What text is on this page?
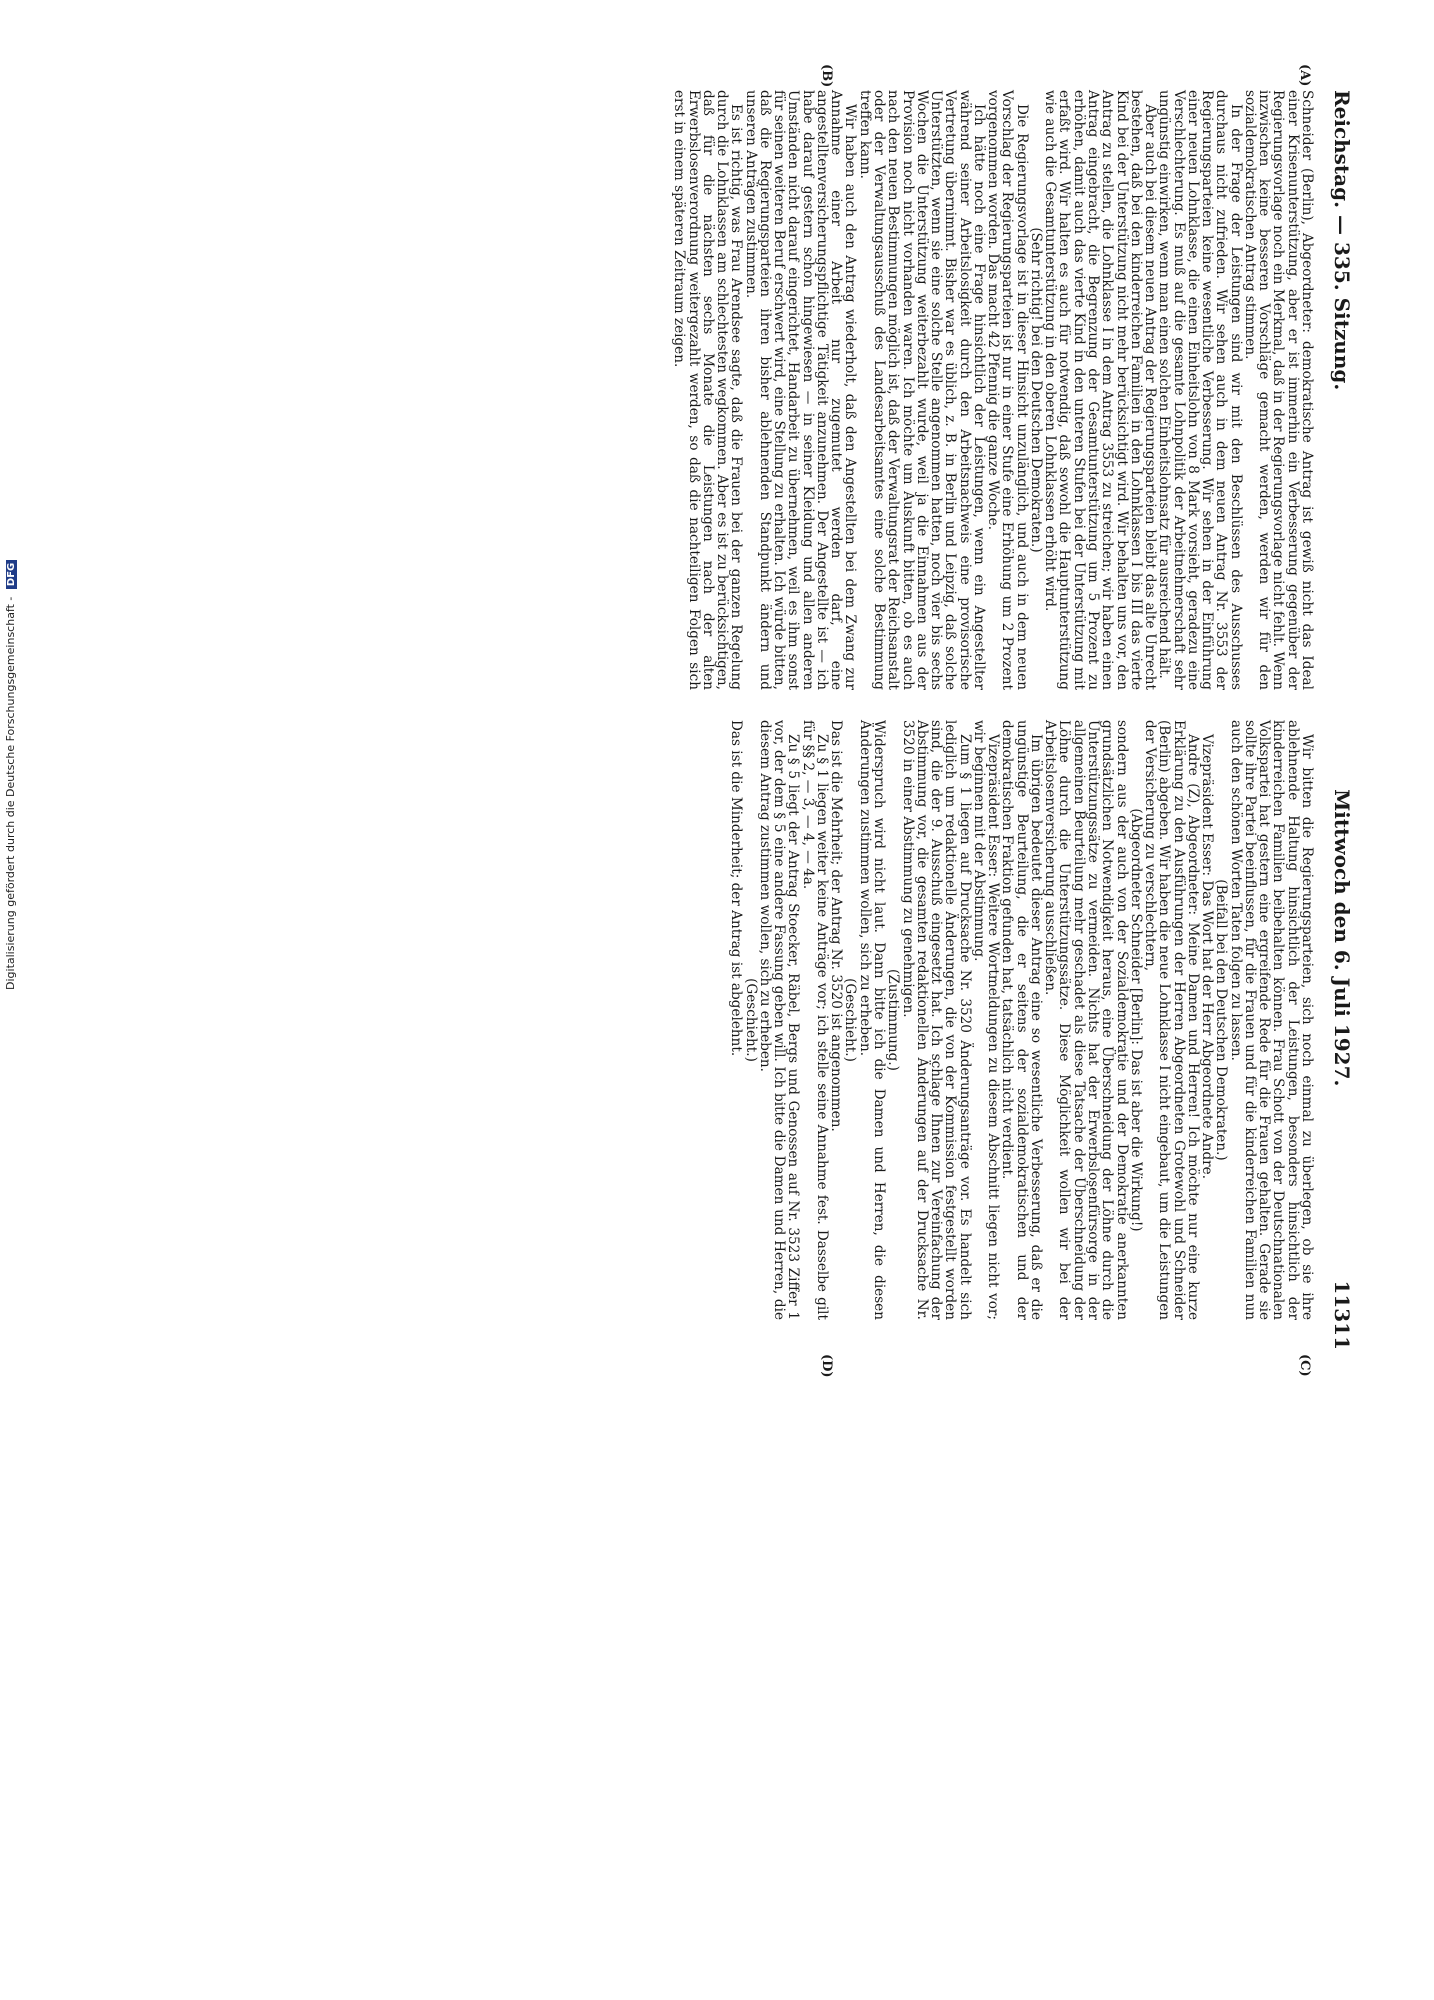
Reichstag. — 335. Sitzung.
Mittwoch den 6. Juli 1927.  11311
(A)
(B)
(C)
(D)

Schneider (Berlin), Abgeordneter: demokratische Antrag ist gewiß nicht das Ideal einer Krisenunterstützung, aber er ist immerhin ein Verbesserung gegenüber der Regierungsvorlage noch ein Merkmal, daß in der Regierungsvorlage nicht fehlt. Wenn inzwischen keine besseren Vorschläge gemacht werden, werden wir für den sozialdemokratischen Antrag stimmen.

In der Frage der Leistungen sind wir mit den Beschlüssen des Ausschusses durchaus nicht zufrieden. Wir sehen auch in dem neuen Antrag Nr. 3553 der Regierungsparteien keine wesentliche Verbesserung. Wir sehen in der Einführung einer neuen Lohnklasse, die einen Einheitslohn von 8 Mark vorsieht, geradezu eine Verschlechterung. Es muß auf die gesamte Lohnpolitik der Arbeitnehmerschaft sehr ungünstig einwirken, wenn man einen solchen Einheitslohnsatz für ausreichend hält.

Aber auch bei diesem neuen Antrag der Regierungsparteien bleibt das alte Unrecht bestehen, daß bei den kinderreichen Familien in den Lohnklassen I bis III das vierte Kind bei der Unterstützung nicht mehr berücksichtigt wird. Wir behalten uns vor, den Antrag zu stellen, die Lohnklasse I in dem Antrag 3553 zu streichen; wir haben einen Antrag eingebracht, die Begrenzung der Gesamtunterstützung um 5 Prozent zu erhöhen, damit auch das vierte Kind in den unteren Stufen bei der Unterstützung mit erfaßt wird. Wir halten es auch für notwendig, daß sowohl die Hauptunterstützung wie auch die Gesamtunterstützung in den oberen Lohnklassen erhöht wird.

(Sehr richtig! bei den Deutschen Demokraten.)

Die Regierungsvorlage ist in dieser Hinsicht unzulänglich, und auch in dem neuen Vorschlag der Regierungsparteien ist nur in einer Stufe eine Erhöhung um 2 Prozent vorgenommen worden. Das macht 42 Pfennig die ganze Woche.

Ich hätte noch eine Frage hinsichtlich der Leistungen, wenn ein Angestellter während seiner Arbeitslosigkeit durch den Arbeitsnachweis eine provisorische Vertretung übernimmt. Bisher war es üblich, z. B. in Berlin und Leipzig, daß solche Unterstützten, wenn sie eine solche Stelle angenommen hatten, noch vier bis sechs Wochen die Unterstützung weiterbezahlt wurde, weil ja die Einnahmen aus der Provision noch nicht vorhanden waren. Ich möchte um Auskunft bitten, ob es auch nach den neuen Bestimmungen möglich ist, daß der Verwaltungsrat der Reichsanstalt oder der Verwaltungsausschuß des Landesarbeitsamtes eine solche Bestimmung treffen kann.

Wir haben auch den Antrag wiederholt, daß den Angestellten bei dem Zwang zur Annahme einer Arbeit nur zugemutet werden darf, eine angestelltenversicherungspflichtige Tätigkeit anzunehmen. Der Angestellte ist — ich habe darauf gestern schon hingewiesen — in seiner Kleidung und allen anderen Umständen nicht darauf eingerichtet, Handarbeit zu übernehmen, weil es ihm sonst für seinen weiteren Beruf erschwert wird, eine Stellung zu erhalten. Ich würde bitten, daß die Regierungsparteien ihren bisher ablehnenden Standpunkt ändern und unseren Anträgen zustimmen.

Es ist richtig, was Frau Arendsee sagte, daß die Frauen bei der ganzen Regelung durch die Lohnklassen am schlechtesten wegkommen. Aber es ist zu berücksichtigen, daß für die nächsten sechs Monate die Leistungen nach der alten Erwerbslosenverordnung weitergezahlt werden, so daß die nachteiligen Folgen sich erst in einem späteren Zeitraum zeigen.

Wir bitten die Regierungsparteien, sich noch einmal zu überlegen, ob sie ihre ablehnende Haltung hinsichtlich der Leistungen, besonders hinsichtlich der kinderreichen Familien beibehalten können. Frau Schott von der Deutschnationalen Volkspartei hat gestern eine ergreifende Rede für die Frauen gehalten. Gerade sie sollte ihre Partei beeinflussen, für die Frauen und für die kinderreichen Familien nun auch den schönen Worten Taten folgen zu lassen.

(Beifall bei den Deutschen Demokraten.)

Vizepräsident Esser: Das Wort hat der Herr Abgeordnete Andre.

Andre (Z), Abgeordneter: Meine Damen und Herren! Ich möchte nur eine kurze Erklärung zu den Ausführungen der Herren Abgeordneten Grotewohl und Schneider (Berlin) abgeben. Wir haben die neue Lohnklasse I nicht eingebaut, um die Leistungen der Versicherung zu verschlechtern,

(Abgeordneter Schneider [Berlin]: Das ist aber die Wirkung!)

sondern aus der auch von der Sozialdemokratie und der Demokratie anerkannten grundsätzlichen Notwendigkeit heraus, eine Überschneidung der Löhne durch die Unterstützungssätze zu vermeiden. Nichts hat der Erwerbslosenfürsorge in der allgemeinen Beurteilung mehr geschadet als diese Tatsache der Überschneidung der Löhne durch die Unterstützungssätze. Diese Möglichkeit wollen wir bei der Arbeitslosenversicherung ausschließen.

Im übrigen bedeutet dieser Antrag eine so wesentliche Verbesserung, daß er die ungünstige Beurteilung, die er seitens der sozialdemokratischen und der demokratischen Fraktion gefunden hat, tatsächlich nicht verdient.

Vizepräsident Esser: Weitere Wortmeldungen zu diesem Abschnitt liegen nicht vor; wir beginnen mit der Abstimmung.

Zum § 1 liegen auf Drucksache Nr. 3520 Änderungsanträge vor. Es handelt sich lediglich um redaktionelle Änderungen, die von der Kommission festgestellt worden sind, die der 9. Ausschuß eingesetzt hat. Ich schlage Ihnen zur Vereinfachung der Abstimmung vor, die gesamten redaktionellen Änderungen auf der Drucksache Nr. 3520 in einer Abstimmung zu genehmigen.

(Zustimmung.)

Widerspruch wird nicht laut. Dann bitte ich die Damen und Herren, die diesen Änderungen zustimmen wollen, sich zu erheben.

(Geschieht.)

Das ist die Mehrheit; der Antrag Nr. 3520 ist angenommen.

Zu § 1 liegen weiter keine Anträge vor; ich stelle seine Annahme fest. Dasselbe gilt für §§ 2, — 3, — 4, — 4a.

Zu § 5 liegt der Antrag Stoecker, Räbel, Bergs und Genossen auf Nr. 3523 Ziffer 1 vor, der dem § 5 eine andere Fassung geben will. Ich bitte die Damen und Herren, die diesem Antrag zustimmen wollen, sich zu erheben.

(Geschieht.)

Das ist die Minderheit; der Antrag ist abgelehnt.

Digitalisierung gefördert durch die Deutsche Forschungsgemeinschaft - DFG
